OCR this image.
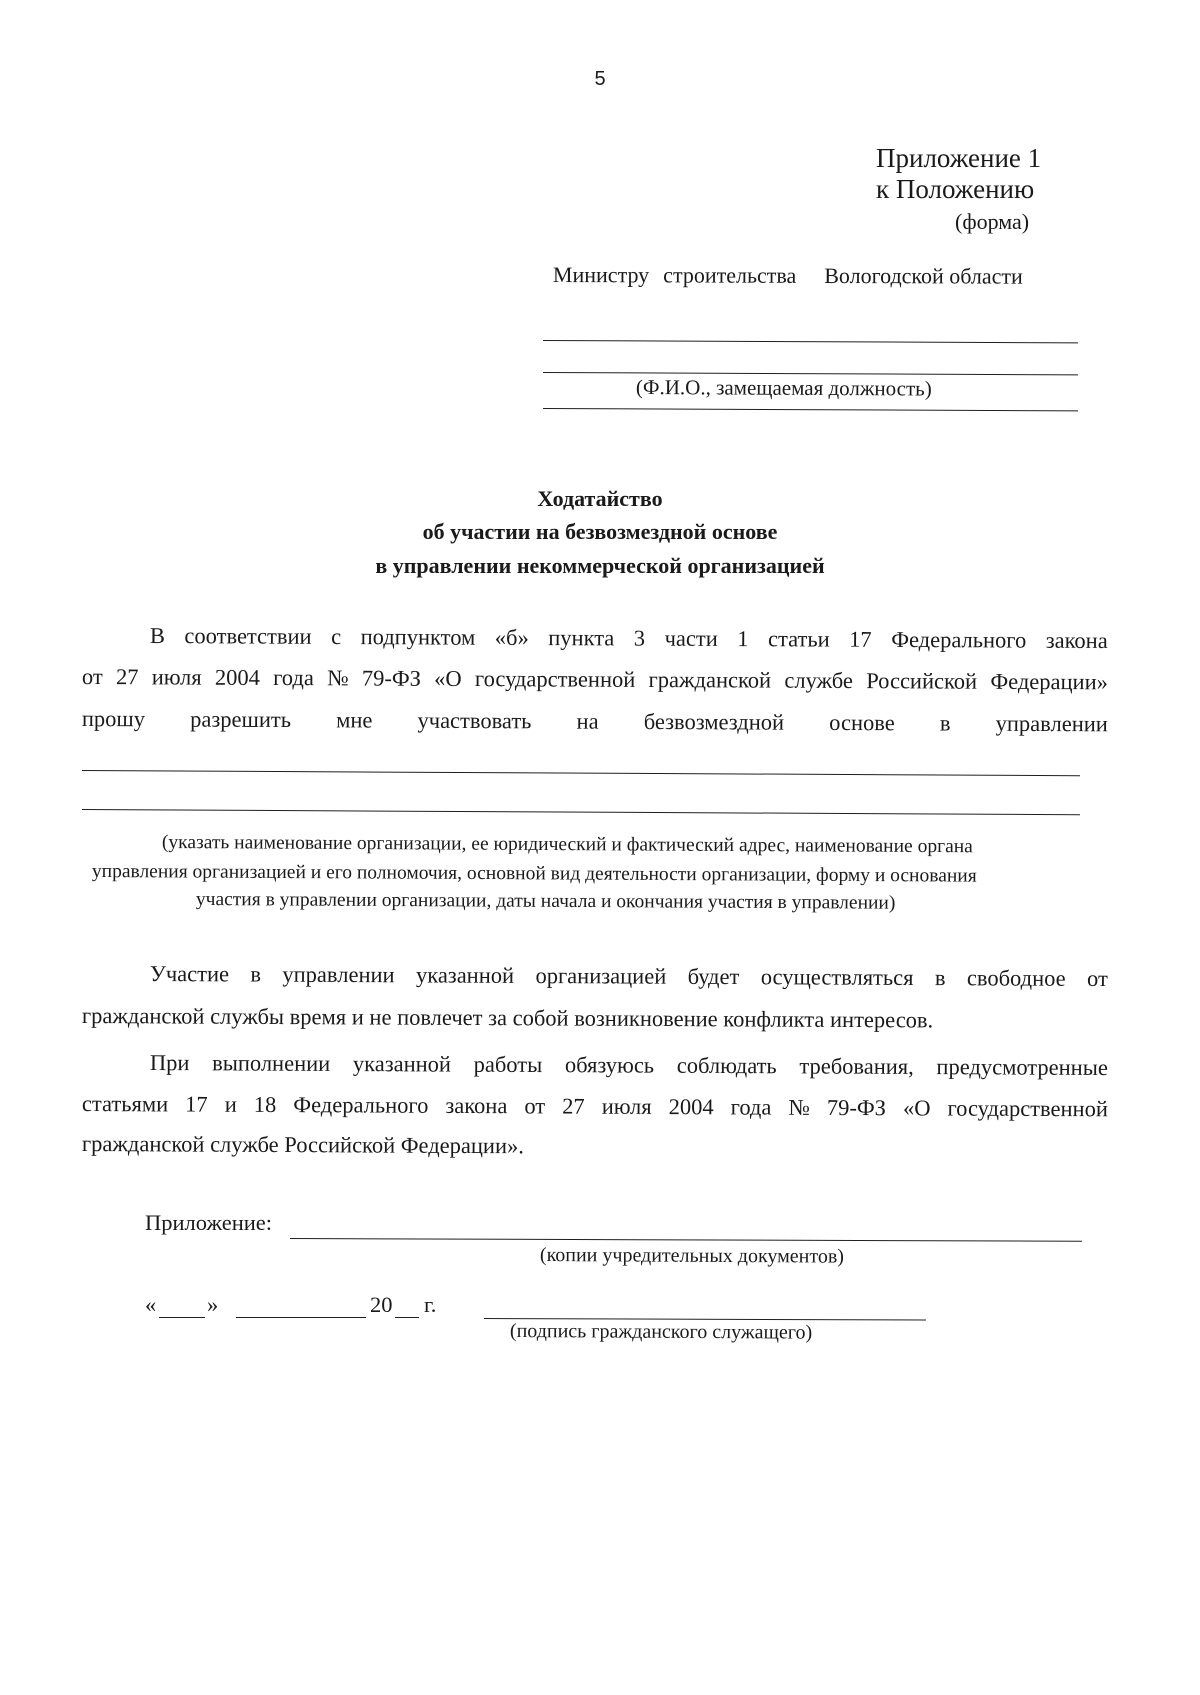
5
Приложение 1
к Положению
(форма)
Министру строительства Вологодской области
(Ф.И.О., замещаемая должность)
Ходатайство
об участии на безвозмездной основе
в управлении некоммерческой организацией
В соответствии с подпунктом «б» пункта 3 части 1 статьи 17 Федерального закона
от 27 июля 2004 года № 79-ФЗ «О государственной гражданской службе Российской Федерации»
прошу разрешить мне участвовать на безвозмездной основе в управлении
(указать наименование организации, ее юридический и фактический адрес, наименование органа
управления организацией и его полномочия, основной вид деятельности организации, форму и основания
участия в управлении организации, даты начала и окончания участия в управлении)
Участие в управлении указанной организацией будет осуществляться в свободное от
гражданской службы время и не повлечет за собой возникновение конфликта интересов.
При выполнении указанной работы обязуюсь соблюдать требования, предусмотренные
статьями 17 и 18 Федерального закона от 27 июля 2004 года № 79-ФЗ «О государственной
гражданской службе Российской Федерации».
Приложение:
(копии учредительных документов)
« »	20 г.
(подпись гражданского служащего)
